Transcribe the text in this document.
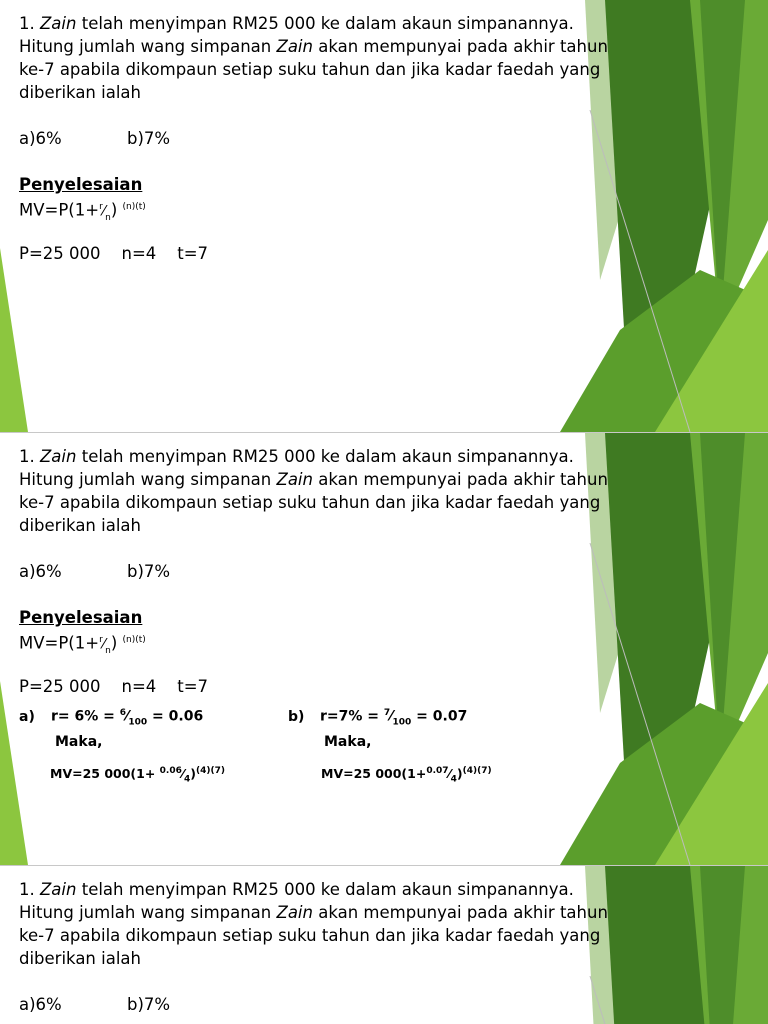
1. Zain telah menyimpan RM25 000 ke dalam akaun simpanannya.
Hitung jumlah wang simpanan Zain akan mempunyai pada akhir tahun
ke-7 apabila dikompaun setiap suku tahun dan jika kadar faedah yang
diberikan ialah
a)6%	b)7%
Penyelesaian
$MV=P(1+^r⁄_n)$ $^{(n)(t)}$
P=25 000    n=4    t=7
1. Zain telah menyimpan RM25 000 ke dalam akaun simpanannya.
Hitung jumlah wang simpanan Zain akan mempunyai pada akhir tahun
ke-7 apabila dikompaun setiap suku tahun dan jika kadar faedah yang
diberikan ialah
a)6%	b)7%
Penyelesaian
$MV=P(1+^r⁄_n)$ $^{(n)(t)}$
P=25 000    n=4    t=7
a) $r= 6\% = ^6⁄_{100} = 0.06$
Maka,
b) $r=7\% = ^7⁄_{100} = 0.07$
Maka,
MV=25 $000(1+ ^{0.06}⁄_4)^{(4)(7)}$	MV=25 $000(1+^{0.07}⁄_4)^{(4)(7)}$
1. Zain telah menyimpan RM25 000 ke dalam akaun simpanannya.
Hitung jumlah wang simpanan Zain akan mempunyai pada akhir tahun
ke-7 apabila dikompaun setiap suku tahun dan jika kadar faedah yang
diberikan ialah
a)6%	b)7%
